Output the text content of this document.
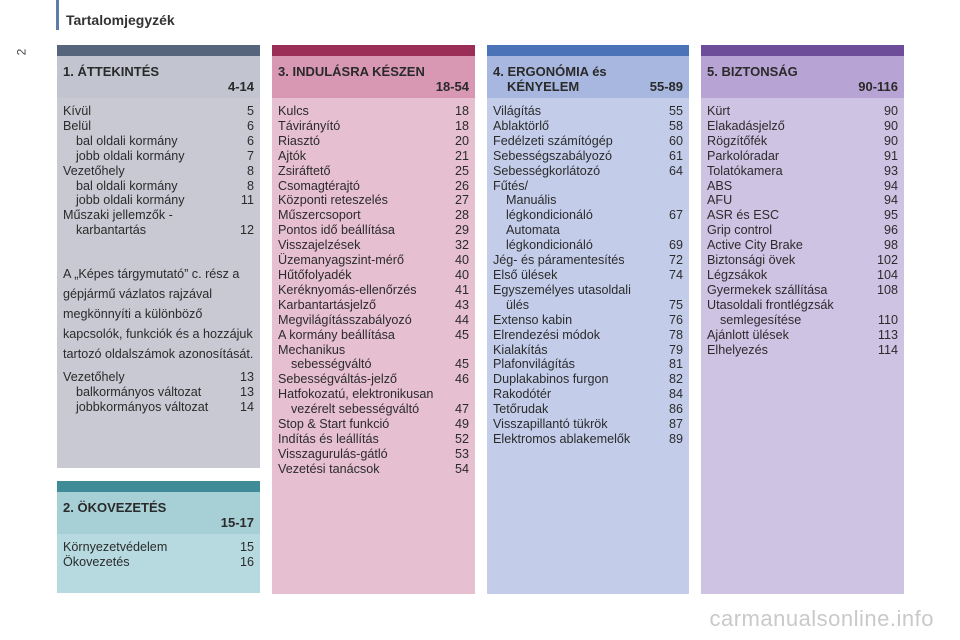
Tartalomjegyzék
2
1. ÁTTEKINTÉS
4-14
Kívül	5
Belül	6
bal oldali kormány	6
jobb oldali kormány	7
Vezetőhely	8
bal oldali kormány	8
jobb oldali kormány	11
Műszaki jellemzők -
karbantartás	12
A „Képes tárgymutató” c. rész a gépjármű vázlatos rajzával megkönnyíti a különböző kapcsolók, funkciók és a hozzájuk tartozó oldalszámok azonosítását.
Vezetőhely	13
balkormányos változat	13
jobbkormányos változat	14
2. ÖKOVEZETÉS
15-17
Környezetvédelem	15
Ökovezetés	16
3. INDULÁSRA KÉSZEN
18-54
Kulcs	18
Távirányító	18
Riasztó	20
Ajtók	21
Zsiráftető	25
Csomagtérajtó	26
Központi reteszelés	27
Műszercsoport	28
Pontos idő beállítása	29
Visszajelzések	32
Üzemanyagszint-mérő	40
Hűtőfolyadék	40
Keréknyomás-ellenőrzés	41
Karbantartásjelző	43
Megvilágításszabályozó	44
A kormány beállítása	45
Mechanikus
sebességváltó	45
Sebességváltás-jelző	46
Hatfokozatú, elektronikusan
vezérelt sebességváltó	47
Stop & Start funkció	49
Indítás és leállítás	52
Visszagurulás-gátló	53
Vezetési tanácsok	54
4. ERGONÓMIA és
KÉNYELEM	55-89
Világítás	55
Ablaktörlő	58
Fedélzeti számítógép	60
Sebességszabályozó	61
Sebességkorlátozó	64
Fűtés/
Manuális
légkondicionáló	67
Automata
légkondicionáló	69
Jég- és páramentesítés	72
Első ülések	74
Egyszemélyes utasoldali
ülés	75
Extenso kabin	76
Elrendezési módok	78
Kialakítás	79
Plafonvilágítás	81
Duplakabinos furgon	82
Rakodótér	84
Tetőrudak	86
Visszapillantó tükrök	87
Elektromos ablakemelők	89
5. BIZTONSÁG
90-116
Kürt	90
Elakadásjelző	90
Rögzítőfék	90
Parkolóradar	91
Tolatókamera	93
ABS	94
AFU	94
ASR és ESC	95
Grip control	96
Active City Brake	98
Biztonsági övek	102
Légzsákok	104
Gyermekek szállítása	108
Utasoldali frontlégzsák
semlegesítése	110
Ajánlott ülések	113
Elhelyezés	114
carmanualsonline.info
